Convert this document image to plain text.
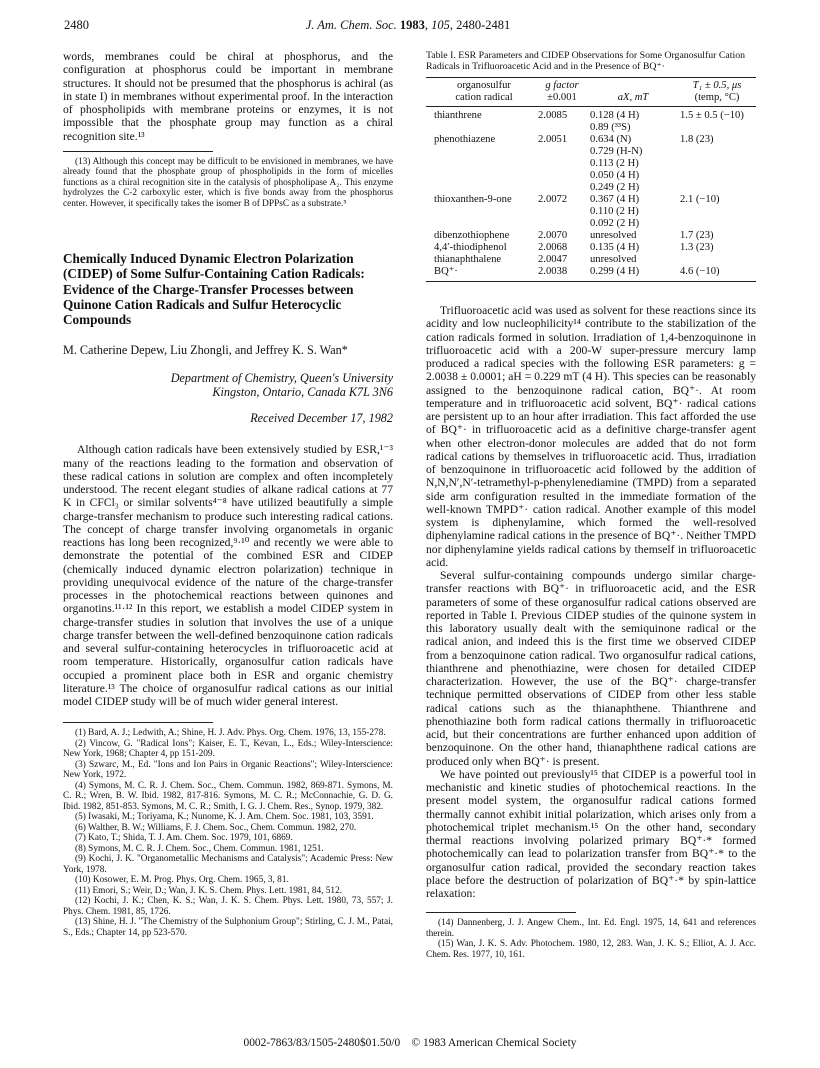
2480	J. Am. Chem. Soc. 1983, 105, 2480-2481

words, membranes could be chiral at phosphorus, and the configuration at phosphorus could be important in membrane structures. It should not be presumed that the phosphorus is achiral (as in state I) in membranes without experimental proof. In the interaction of phospholipids with membrane proteins or enzymes, it is not impossible that the phosphate group may function as a chiral recognition site.¹³

(13) Although this concept may be difficult to be envisioned in membranes, we have already found that the phosphate group of phospholipids in the form of micelles functions as a chiral recognition site in the catalysis of phospholipase A₂. This enzyme hydrolyzes the C-2 carboxylic ester, which is five bonds away from the phosphorus center. However, it specifically takes the isomer B of DPPsC as a substrate.⁵

Chemically Induced Dynamic Electron Polarization (CIDEP) of Some Sulfur-Containing Cation Radicals: Evidence of the Charge-Transfer Processes between Quinone Cation Radicals and Sulfur Heterocyclic Compounds
M. Catherine Depew, Liu Zhongli, and Jeffrey K. S. Wan*
Department of Chemistry, Queen's University
Kingston, Ontario, Canada K7L 3N6
Received December 17, 1982

Although cation radicals have been extensively studied by ESR,¹⁻³ many of the reactions leading to the formation and observation of these radical cations in solution are complex and often incompletely understood. The recent elegant studies of alkane radical cations at 77 K in CFCl₃ or similar solvents⁴⁻⁸ have utilized beautifully a simple charge-transfer mechanism to produce such interesting radical cations. The concept of charge transfer involving organometals in organic reactions has long been recognized,⁹·¹⁰ and recently we were able to demonstrate the potential of the combined ESR and CIDEP (chemically induced dynamic electron polarization) technique in providing unequivocal evidence of the nature of the charge-transfer processes in the photochemical reactions between quinones and organotins.¹¹·¹² In this report, we establish a model CIDEP system in charge-transfer studies in solution that involves the use of a unique charge transfer between the well-defined benzoquinone cation radicals and several sulfur-containing heterocycles in trifluoroacetic acid at room temperature. Historically, organosulfur cation radicals have occupied a prominent place both in ESR and organic chemistry literature.¹³ The choice of organosulfur radical cations as our initial model CIDEP study will be of much wider general interest.

(1) Bard, A. J.; Ledwith, A.; Shine, H. J. Adv. Phys. Org. Chem. 1976, 13, 155-278.

(2) Vincow, G. "Radical Ions"; Kaiser, E. T., Kevan, L., Eds.; Wiley-Interscience: New York, 1968; Chapter 4, pp 151-209.

(3) Szwarc, M., Ed. "Ions and Ion Pairs in Organic Reactions"; Wiley-Interscience: New York, 1972.

(4) Symons, M. C. R. J. Chem. Soc., Chem. Commun. 1982, 869-871. Symons, M. C. R.; Wren, B. W. Ibid. 1982, 817-816. Symons, M. C. R.; McConnachie, G. D. G. Ibid. 1982, 851-853. Symons, M. C. R.; Smith, I. G. J. Chem. Res., Synop. 1979, 382.

(5) Iwasaki, M.; Toriyama, K.; Nunome, K. J. Am. Chem. Soc. 1981, 103, 3591.

(6) Walther, B. W.; Williams, F. J. Chem. Soc., Chem. Commun. 1982, 270.

(7) Kato, T.; Shida, T. J. Am. Chem. Soc. 1979, 101, 6869.

(8) Symons, M. C. R. J. Chem. Soc., Chem. Commun. 1981, 1251.

(9) Kochi, J. K. "Organometallic Mechanisms and Catalysis"; Academic Press: New York, 1978.

(10) Kosower, E. M. Prog. Phys. Org. Chem. 1965, 3, 81.

(11) Emori, S.; Weir, D.; Wan, J. K. S. Chem. Phys. Lett. 1981, 84, 512.

(12) Kochi, J. K.; Chen, K. S.; Wan, J. K. S. Chem. Phys. Lett. 1980, 73, 557; J. Phys. Chem. 1981, 85, 1726.

(13) Shine, H. J. "The Chemistry of the Sulphonium Group"; Stirling, C. J. M., Patai, S., Eds.; Chapter 14, pp 523-570.

Table I. ESR Parameters and CIDEP Observations for Some Organosulfur Cation Radicals in Trifluoroacetic Acid and in the Presence of BQ⁺·
organosulfur
cation radical	g factor
±0.001	aX, mT	T₁ ± 0.5, μs
(temp, °C)
thianthrene	2.0085	0.128 (4 H)	1.5 ± 0.5 (−10)
		0.89 (³³S)	
phenothiazene	2.0051	0.634 (N)	1.8 (23)
		0.729 (H-N)	
		0.113 (2 H)	
		0.050 (4 H)	
		0.249 (2 H)	
thioxanthen-9-one	2.0072	0.367 (4 H)	2.1 (−10)
		0.110 (2 H)	
		0.092 (2 H)	
dibenzothiophene	2.0070	unresolved	1.7 (23)
4,4′-thiodiphenol	2.0068	0.135 (4 H)	1.3 (23)
thianaphthalene	2.0047	unresolved	
BQ⁺·	2.0038	0.299 (4 H)	4.6 (−10)

Trifluoroacetic acid was used as solvent for these reactions since its acidity and low nucleophilicity¹⁴ contribute to the stabilization of the cation radicals formed in solution. Irradiation of 1,4-benzoquinone in trifluoroacetic acid with a 200-W super-pressure mercury lamp produced a radical species with the following ESR parameters: g = 2.0038 ± 0.0001; aH = 0.229 mT (4 H). This species can be reasonably assigned to the benzoquinone radical cation, BQ⁺·. At room temperature and in trifluoroacetic acid solvent, BQ⁺· radical cations are persistent up to an hour after irradiation. This fact afforded the use of BQ⁺· in trifluoroacetic acid as a definitive charge-transfer agent when other electron-donor molecules are added that do not form radical cations by themselves in trifluoroacetic acid. Thus, irradiation of benzoquinone in trifluoroacetic acid followed by the addition of N,N,N′,N′-tetramethyl-p-phenylenediamine (TMPD) from a separated side arm configuration resulted in the immediate formation of the well-known TMPD⁺· cation radical. Another example of this model system is diphenylamine, which formed the well-resolved diphenylamine radical cations in the presence of BQ⁺·. Neither TMPD nor diphenylamine yields radical cations by themself in trifluoroacetic acid.

Several sulfur-containing compounds undergo similar charge-transfer reactions with BQ⁺· in trifluoroacetic acid, and the ESR parameters of some of these organosulfur radical cations observed are reported in Table I. Previous CIDEP studies of the quinone system in this laboratory usually dealt with the semiquinone radical or the radical anion, and indeed this is the first time we observed CIDEP from a benzoquinone cation radical. Two organosulfur radical cations, thianthrene and phenothiazine, were chosen for detailed CIDEP characterization. However, the use of the BQ⁺· charge-transfer technique permitted observations of CIDEP from other less stable radical cations such as the thianaphthene. Thianthrene and phenothiazine both form radical cations thermally in trifluoroacetic acid, but their concentrations are further enhanced upon addition of benzoquinone. On the other hand, thianaphthene radical cations are produced only when BQ⁺· is present.

We have pointed out previously¹⁵ that CIDEP is a powerful tool in mechanistic and kinetic studies of photochemical reactions. In the present model system, the organosulfur radical cations formed thermally cannot exhibit initial polarization, which arises only from a photochemical triplet mechanism.¹⁵ On the other hand, secondary thermal reactions involving polarized primary BQ⁺·* formed photochemically can lead to polarization transfer from BQ⁺·* to the organosulfur cation radical, provided the secondary reaction takes place before the destruction of polarization of BQ⁺·* by spin-lattice relaxation:

(14) Dannenberg, J. J. Angew Chem., Int. Ed. Engl. 1975, 14, 641 and references therein.

(15) Wan, J. K. S. Adv. Photochem. 1980, 12, 283. Wan, J. K. S.; Elliot, A. J. Acc. Chem. Res. 1977, 10, 161.

0002-7863/83/1505-2480$01.50/0 © 1983 American Chemical Society
